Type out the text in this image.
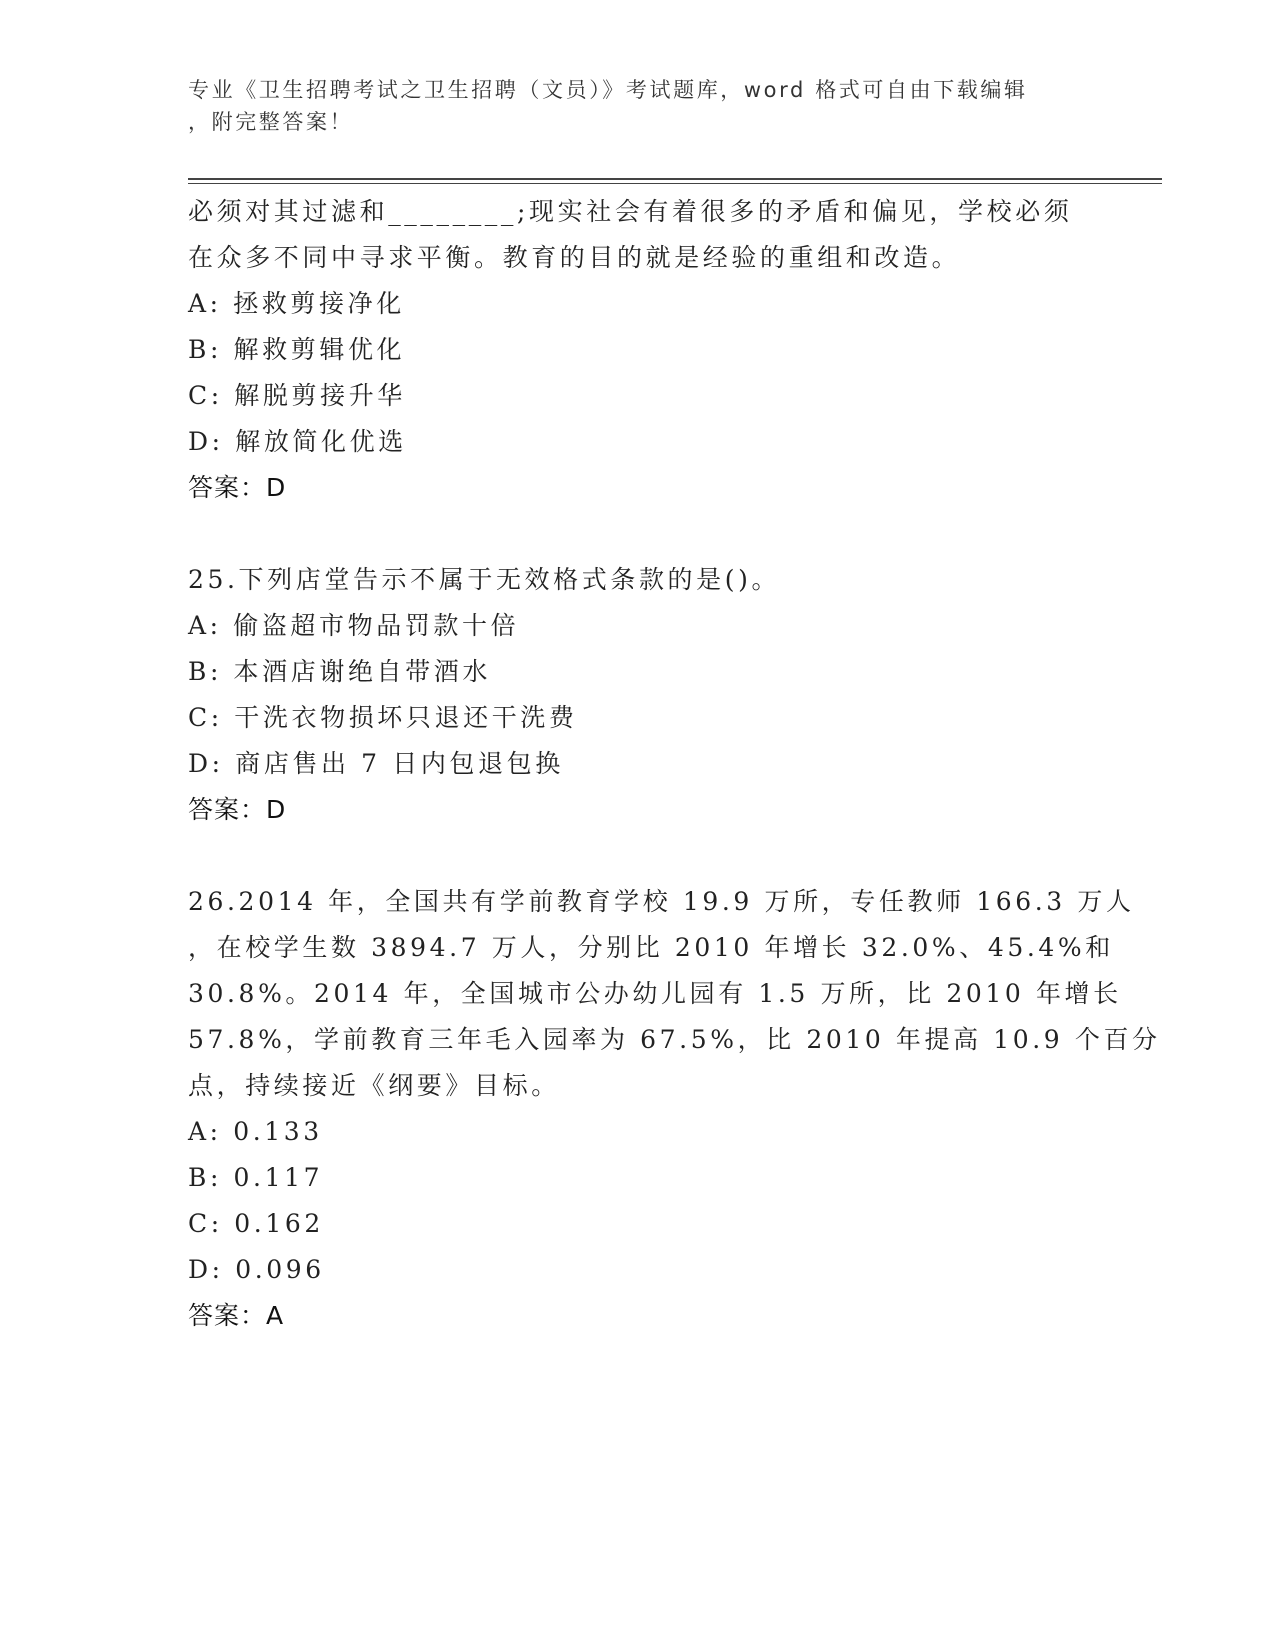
专业《卫生招聘考试之卫生招聘（文员）》考试题库，word 格式可自由下载编辑
，附完整答案！
必须对其过滤和________;现实社会有着很多的矛盾和偏见，学校必须
在众多不同中寻求平衡。教育的目的就是经验的重组和改造。
A: 拯救剪接净化
B: 解救剪辑优化
C: 解脱剪接升华
D: 解放简化优选
答案：D
25.下列店堂告示不属于无效格式条款的是()。
A: 偷盗超市物品罚款十倍
B: 本酒店谢绝自带酒水
C: 干洗衣物损坏只退还干洗费
D: 商店售出 7 日内包退包换
答案：D
26.2014 年，全国共有学前教育学校 19.9 万所，专任教师 166.3 万人
，在校学生数 3894.7 万人，分别比 2010 年增长 32.0%、45.4%和
30.8%。2014 年，全国城市公办幼儿园有 1.5 万所，比 2010 年增长
57.8%，学前教育三年毛入园率为 67.5%，比 2010 年提高 10.9 个百分
点，持续接近《纲要》目标。
A: 0.133
B: 0.117
C: 0.162
D: 0.096
答案：A
